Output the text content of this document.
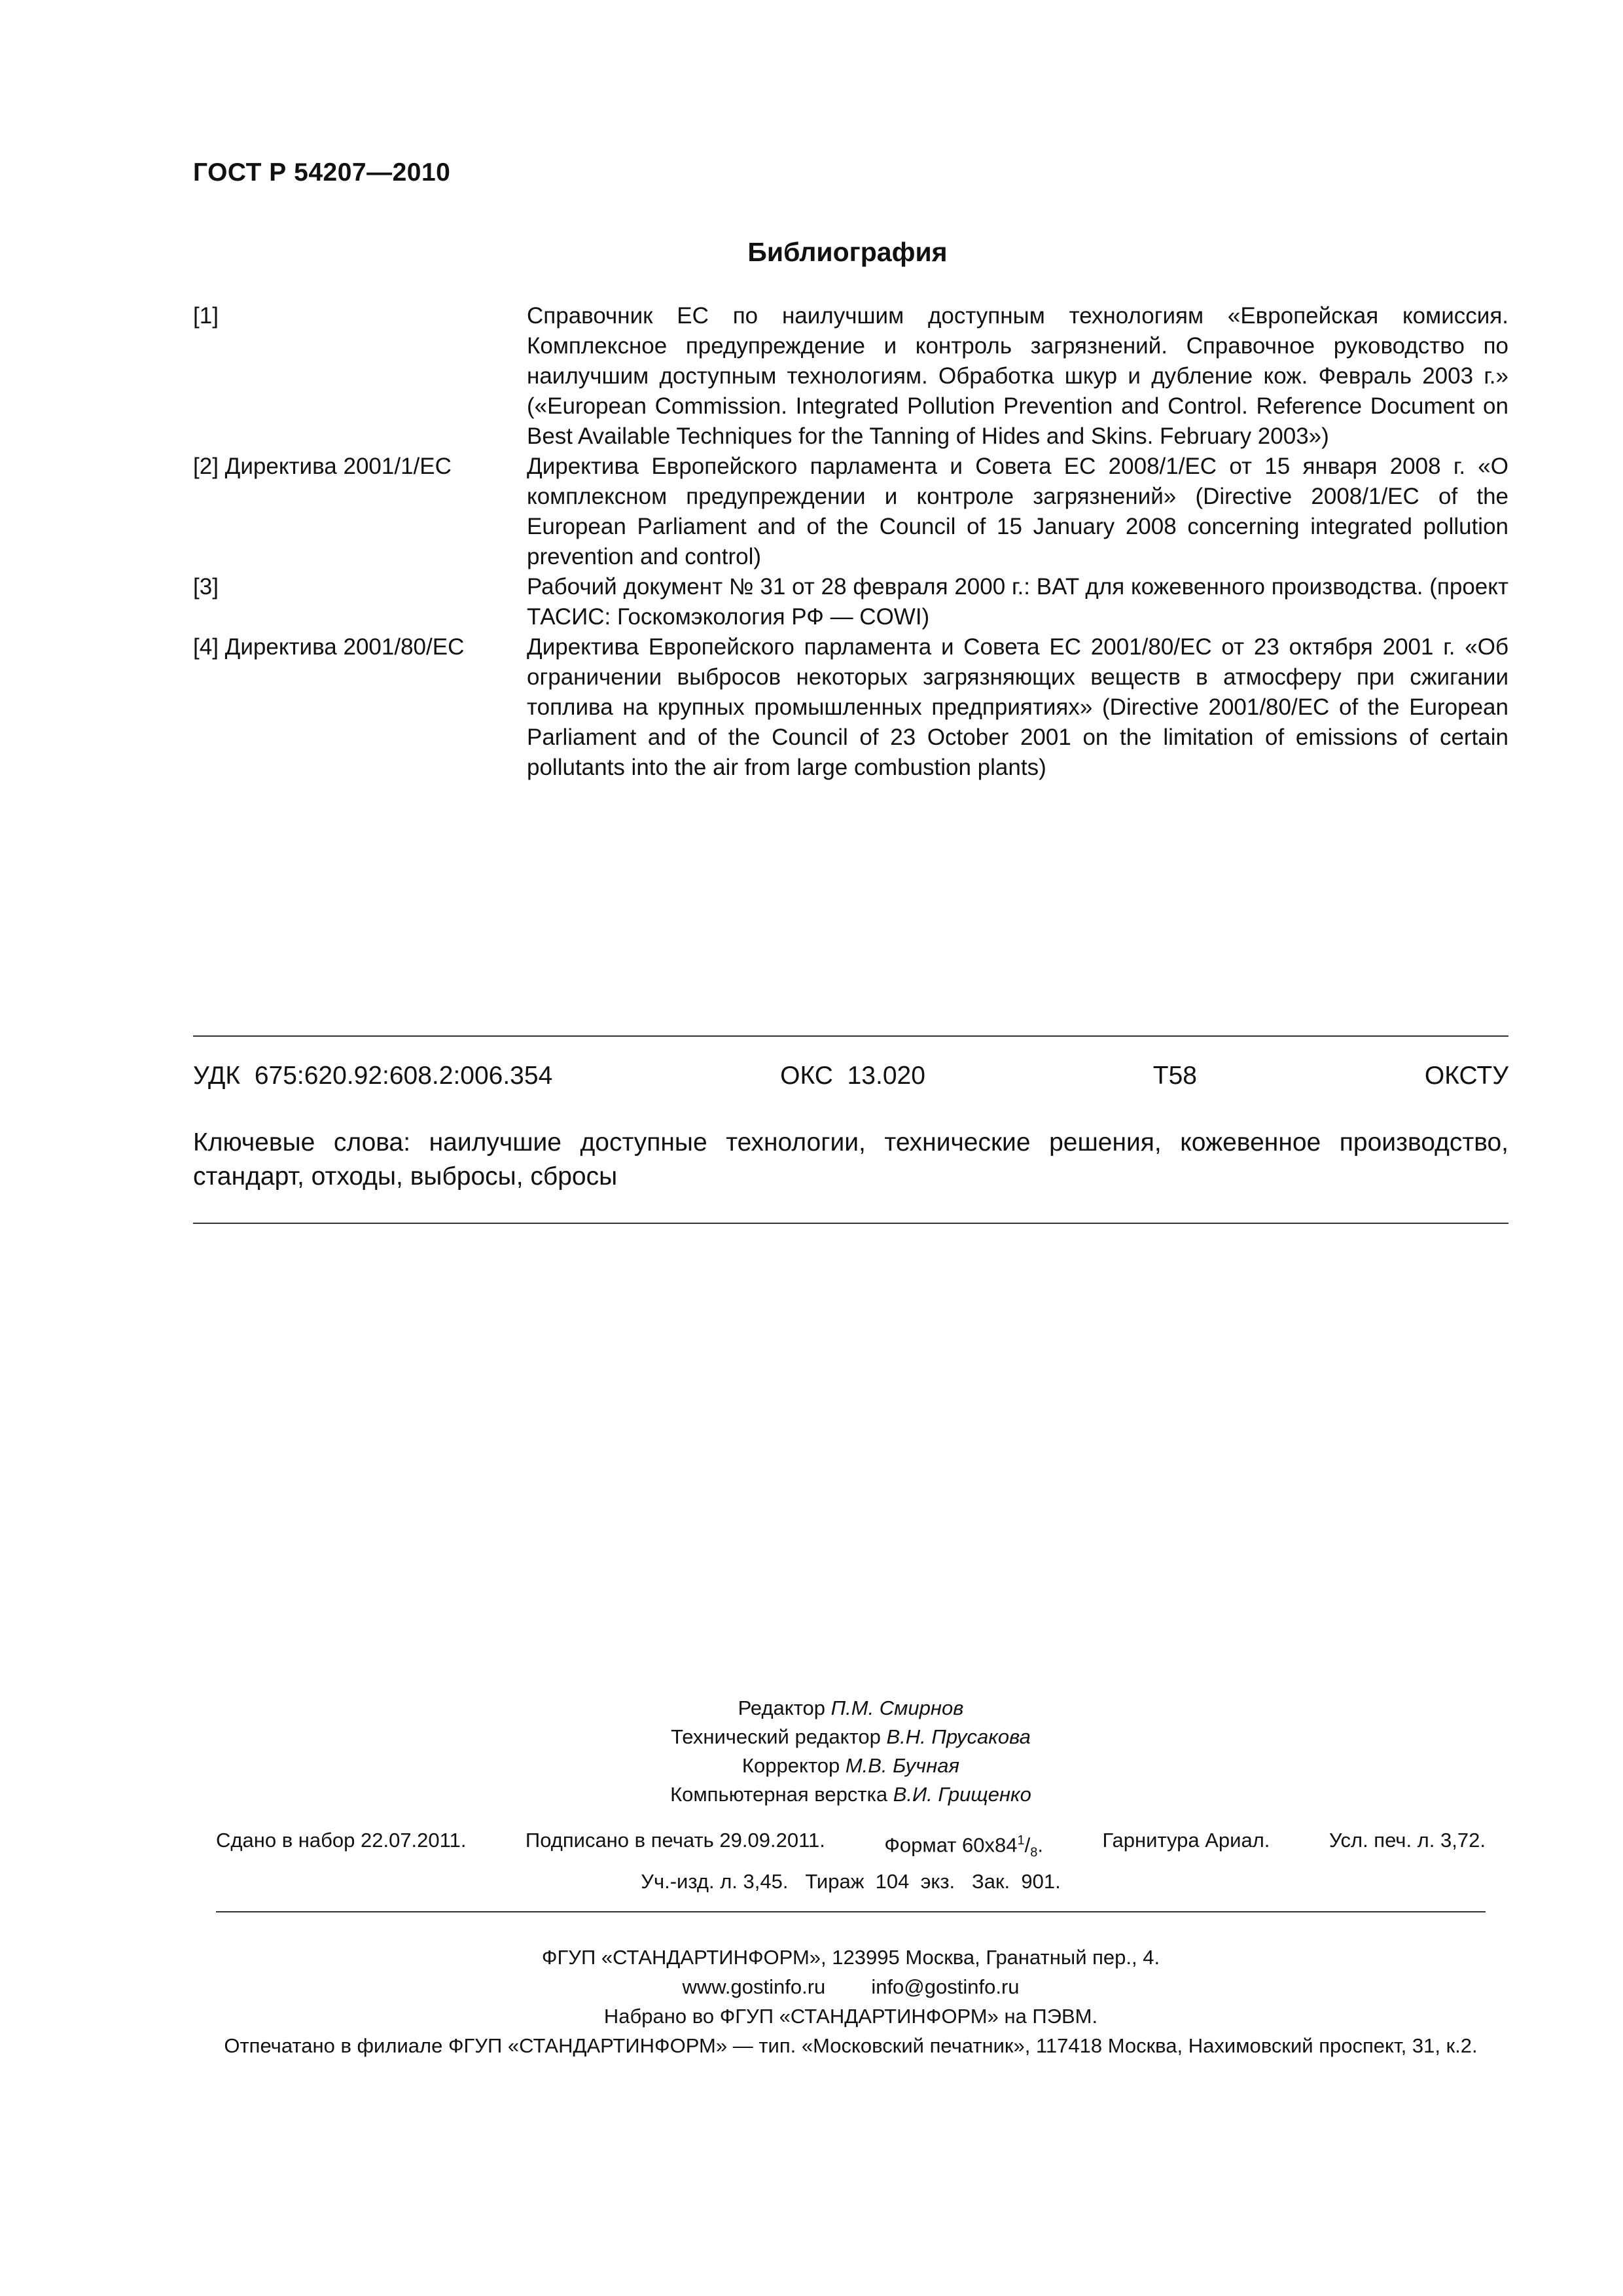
ГОСТ Р 54207—2010
Библиография
[1]	Справочник ЕС по наилучшим доступным технологиям «Европейская комиссия. Комплексное предупреждение и контроль загрязнений. Справочное руководство по наилучшим доступным технологиям. Обработка шкур и дубление кож. Февраль 2003 г.» («European Commission. Integrated Pollution Prevention and Control. Reference Document on Best Available Techniques for the Tanning of Hides and Skins. February 2003»)
[2] Директива 2001/1/ЕС	Директива Европейского парламента и Совета ЕС 2008/1/ЕС от 15 января 2008 г. «О комплексном предупреждении и контроле загрязнений» (Directive 2008/1/EC of the European Parliament and of the Council of 15 January 2008 concerning integrated pollution prevention and control)
[3]	Рабочий документ № 31 от 28 февраля 2000 г.: BAT для кожевенного производства. (проект ТАСИС: Госкомэкология РФ — COWI)
[4] Директива 2001/80/ЕС	Директива Европейского парламента и Совета ЕС 2001/80/ЕС от 23 октября 2001 г. «Об ограничении выбросов некоторых загрязняющих веществ в атмосферу при сжигании топлива на крупных промышленных предприятиях» (Directive 2001/80/EC of the European Parliament and of the Council of 23 October 2001 on the limitation of emissions of certain pollutants into the air from large combustion plants)
УДК  675:620.92:608.2:006.354	ОКС  13.020	Т58	ОКСТУ
Ключевые слова: наилучшие доступные технологии, технические решения, кожевенное производство, стандарт, отходы, выбросы, сбросы
Редактор П.М. Смирнов
Технический редактор В.Н. Прусакова
Корректор М.В. Бучная
Компьютерная верстка В.И. Грищенко
Сдано в набор 22.07.2011.	Подписано в печать 29.09.2011.	Формат $60x84^1/_8$.	Гарнитура Ариал.	Усл. печ. л. 3,72.
Уч.-изд. л. 3,45.   Тираж  104  экз.   Зак.  901.
ФГУП «СТАНДАРТИНФОРМ», 123995 Москва, Гранатный пер., 4.
www.gostinfo.ru info@gostinfo.ru
Набрано во ФГУП «СТАНДАРТИНФОРМ» на ПЭВМ.
Отпечатано в филиале ФГУП «СТАНДАРТИНФОРМ» — тип. «Московский печатник», 117418 Москва, Нахимовский проспект, 31, к.2.
